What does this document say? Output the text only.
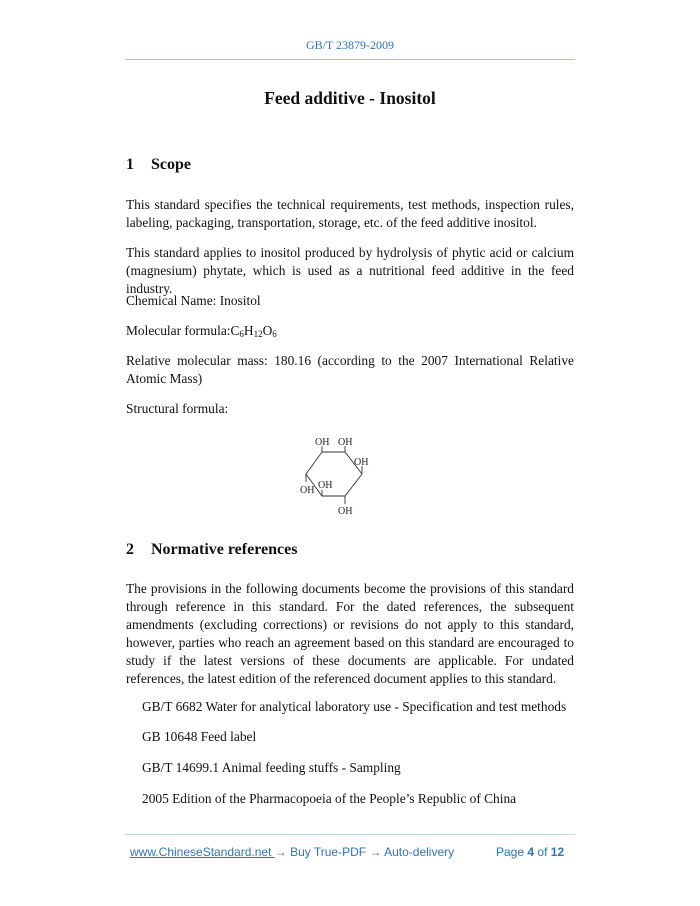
GB/T 23879-2009
Feed additive - Inositol
1 Scope
This standard specifies the technical requirements, test methods, inspection rules, labeling, packaging, transportation, storage, etc. of the feed additive inositol.
This standard applies to inositol produced by hydrolysis of phytic acid or calcium (magnesium) phytate, which is used as a nutritional feed additive in the feed industry.
Chemical Name: Inositol
Molecular $formula:C_6H_{12}O_6$
Relative molecular mass: 180.16 (according to the 2007 International Relative Atomic Mass)
Structural formula:
OH OH
OH
OH
OH
OH
2 Normative references
The provisions in the following documents become the provisions of this standard through reference in this standard. For the dated references, the subsequent amendments (excluding corrections) or revisions do not apply to this standard, however, parties who reach an agreement based on this standard are encouraged to study if the latest versions of these documents are applicable. For undated references, the latest edition of the referenced document applies to this standard.
GB/T 6682 Water for analytical laboratory use - Specification and test methods
GB 10648 Feed label
GB/T 14699.1 Animal feeding stuffs - Sampling
2005 Edition of the Pharmacopoeia of the People’s Republic of China
www.ChineseStandard.net → Buy True-PDF → Auto-delivery	Page 4 of 12
